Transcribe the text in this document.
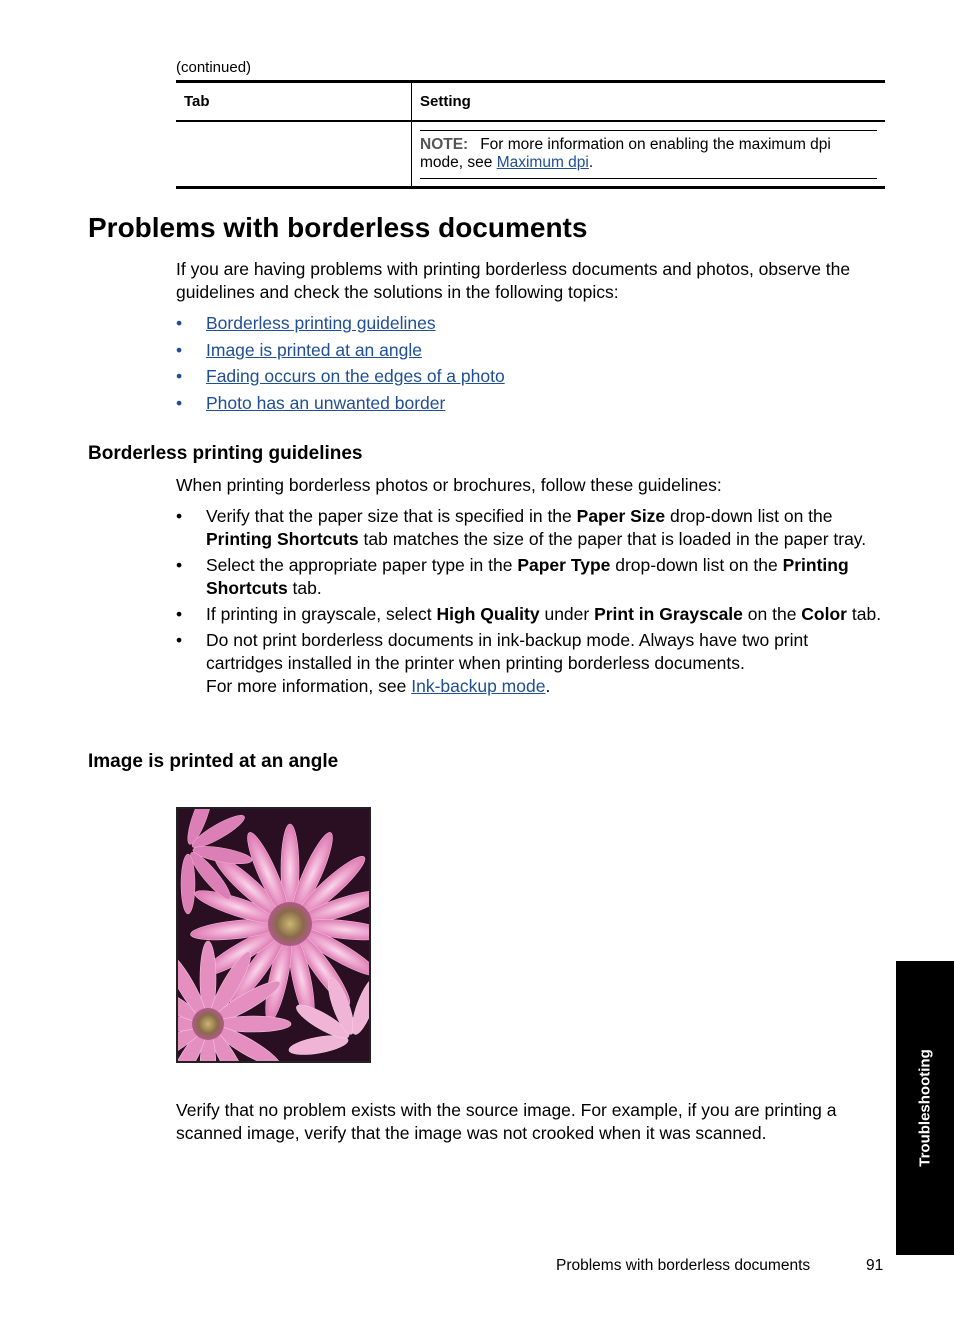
(continued)
Tab	Setting

	NOTE: For more information on enabling the maximum dpi mode, see Maximum dpi.
Problems with borderless documents
If you are having problems with printing borderless documents and photos, observe the guidelines and check the solutions in the following topics:
• Borderless printing guidelines
• Image is printed at an angle
• Fading occurs on the edges of a photo
• Photo has an unwanted border
Borderless printing guidelines
When printing borderless photos or brochures, follow these guidelines:
• Verify that the paper size that is specified in the Paper Size drop-down list on the Printing Shortcuts tab matches the size of the paper that is loaded in the paper tray.
• Select the appropriate paper type in the Paper Type drop-down list on the Printing Shortcuts tab.
• If printing in grayscale, select High Quality under Print in Grayscale on the Color tab.
• Do not print borderless documents in ink-backup mode. Always have two print cartridges installed in the printer when printing borderless documents.
For more information, see Ink-backup mode.
Image is printed at an angle
Verify that no problem exists with the source image. For example, if you are printing a scanned image, verify that the image was not crooked when it was scanned.	Troubleshooting
Problems with borderless documents	91
